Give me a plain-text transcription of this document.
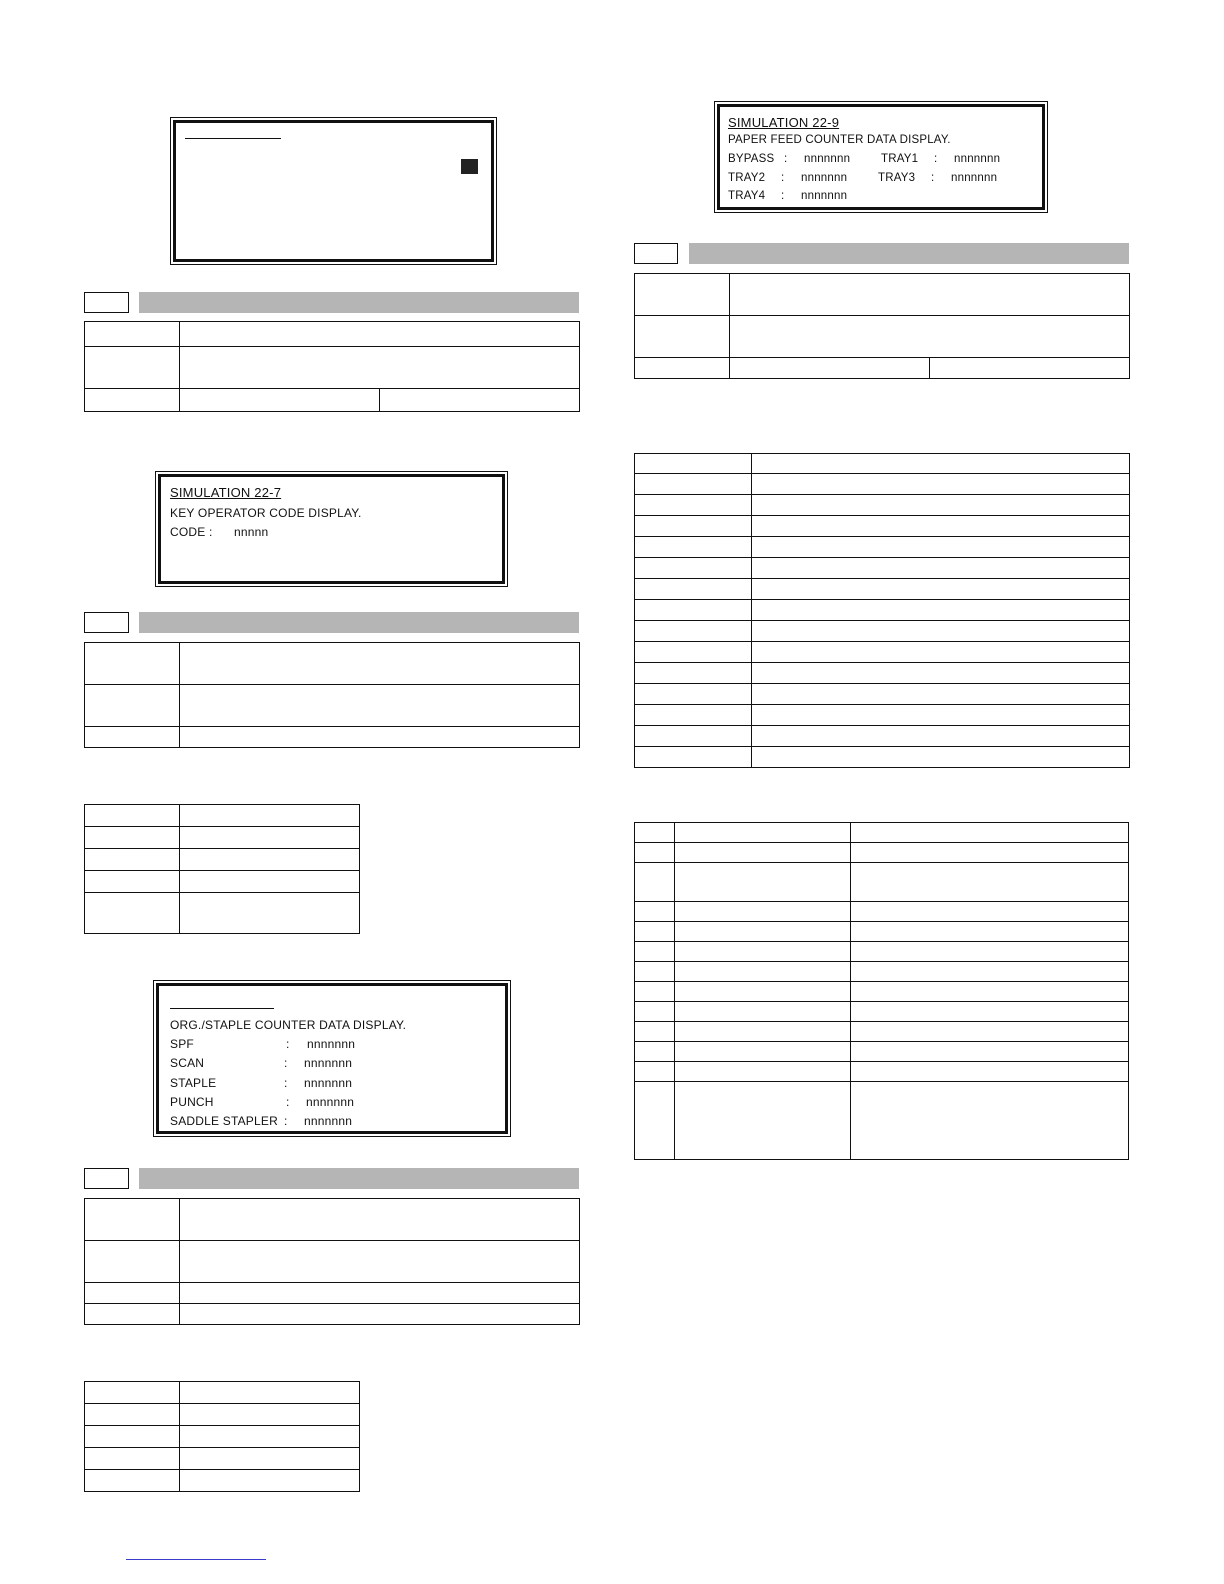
SIMULATION 22-7
KEY OPERATOR CODE DISPLAY.
CODE : nnnnn

ORG./STAPLE COUNTER DATA DISPLAY.
SPF	: nnnnnnn
SCAN	: nnnnnnn
STAPLE	: nnnnnnn
PUNCH	: nnnnnnn
SADDLE STAPLER : nnnnnnn

SIMULATION 22-9
PAPER FEED COUNTER DATA DISPLAY.
BYPASS : nnnnnnn	TRAY1 : nnnnnnn
TRAY2 : nnnnnnn	TRAY3 : nnnnnnn
TRAY4 : nnnnnnn
